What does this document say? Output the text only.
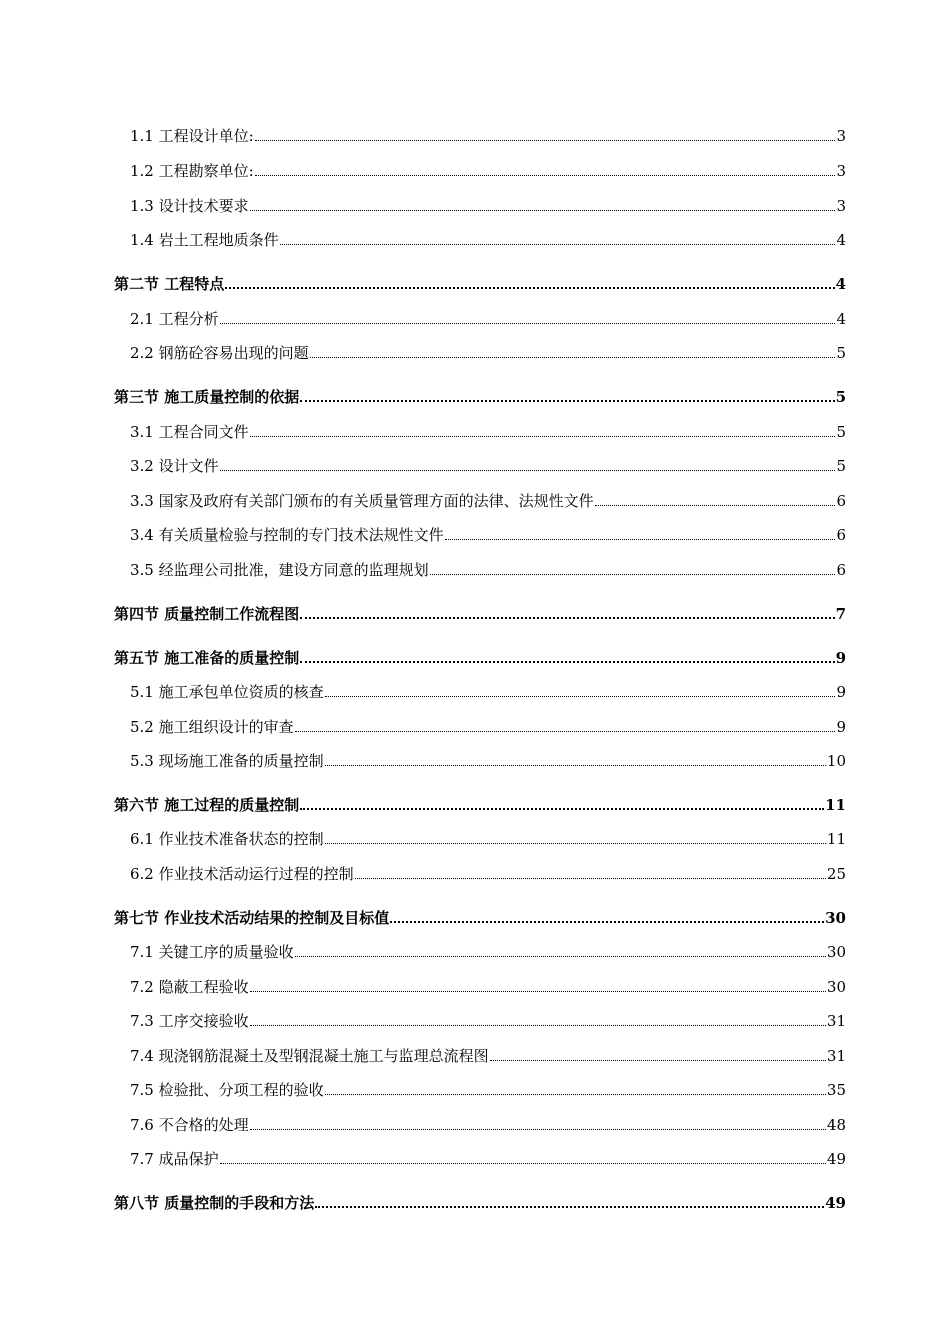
1.1 工程设计单位:	3
1.2 工程勘察单位:	3
1.3 设计技术要求	3
1.4 岩土工程地质条件	4
第二节 工程特点	4
2.1 工程分析	4
2.2 钢筋砼容易出现的问题	5
第三节 施工质量控制的依据	5
3.1 工程合同文件	5
3.2 设计文件	5
3.3 国家及政府有关部门颁布的有关质量管理方面的法律、法规性文件	6
3.4 有关质量检验与控制的专门技术法规性文件	6
3.5 经监理公司批准，建设方同意的监理规划	6
第四节 质量控制工作流程图	7
第五节 施工准备的质量控制	9
5.1 施工承包单位资质的核查	9
5.2 施工组织设计的审查	9
5.3 现场施工准备的质量控制	10
第六节 施工过程的质量控制	11
6.1 作业技术准备状态的控制	11
6.2 作业技术活动运行过程的控制	25
第七节 作业技术活动结果的控制及目标值	30
7.1 关键工序的质量验收	30
7.2 隐蔽工程验收	30
7.3 工序交接验收	31
7.4 现浇钢筋混凝土及型钢混凝土施工与监理总流程图	31
7.5 检验批、分项工程的验收	35
7.6 不合格的处理	48
7.7 成品保护	49
第八节 质量控制的手段和方法	49
